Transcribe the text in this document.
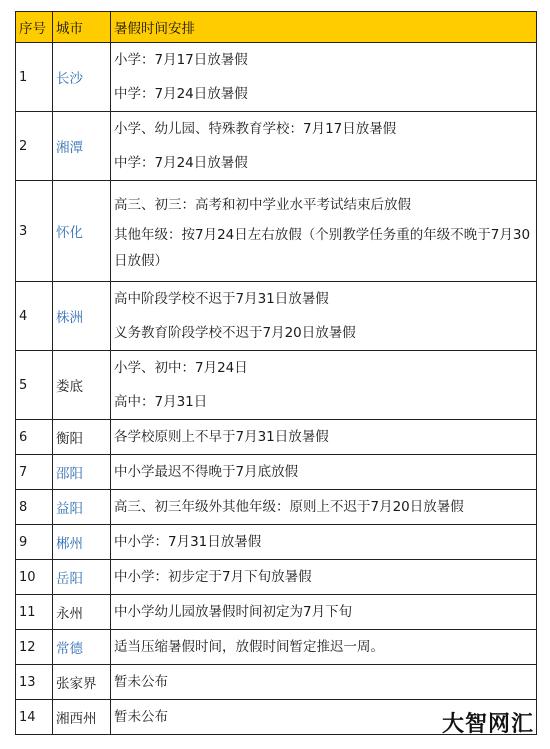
序号	城市	暑假时间安排
1	长沙	小学：7月17日放暑假
中学：7月24日放暑假

2	湘潭	小学、幼儿园、特殊教育学校：7月17日放暑假
中学：7月24日放暑假

3	怀化	高三、初三：高考和初中学业水平考试结束后放假
其他年级：按7月24日左右放假（个别教学任务重的年级不晚于7月30日放假）

4	株洲	高中阶段学校不迟于7月31日放暑假
义务教育阶段学校不迟于7月20日放暑假

5	娄底	小学、初中：7月24日
高中：7月31日

6	衡阳	各学校原则上不早于7月31日放暑假

7	邵阳	中小学最迟不得晚于7月底放假

8	益阳	高三、初三年级外其他年级：原则上不迟于7月20日放暑假

9	郴州	中小学：7月31日放暑假

10	岳阳	中小学：初步定于7月下旬放暑假

11	永州	中小学幼儿园放暑假时间初定为7月下旬

12	常德	适当压缩暑假时间，放假时间暂定推迟一周。

13	张家界	暂未公布

14	湘西州	暂未公布	大智网汇
